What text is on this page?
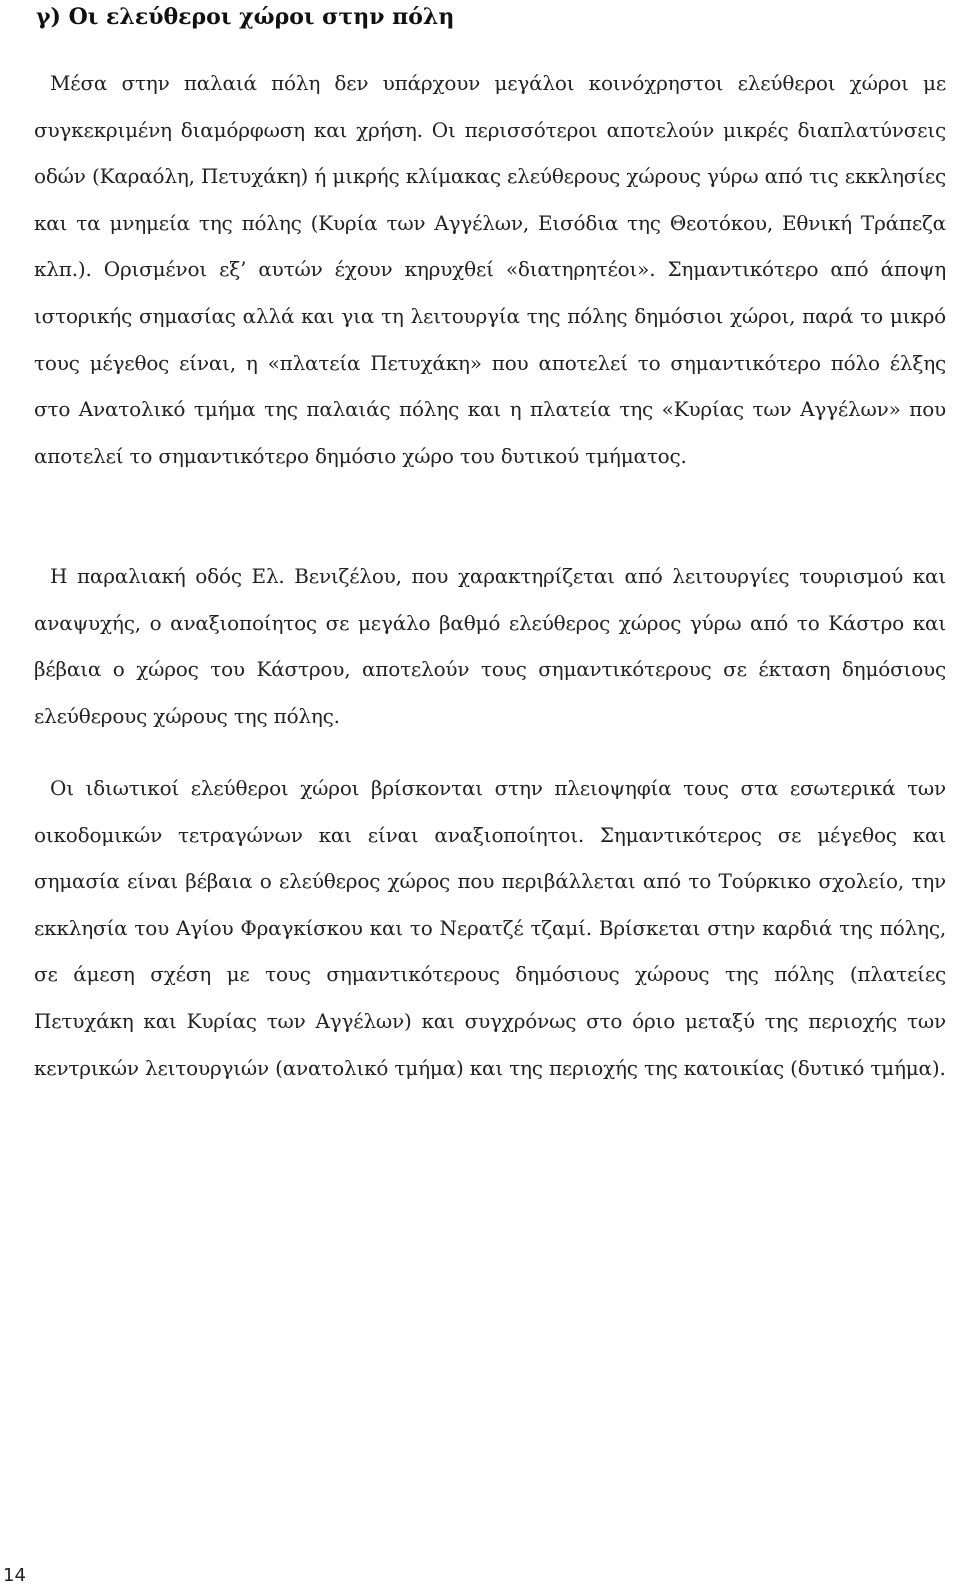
γ) Οι ελεύθεροι χώροι στην πόλη

Μέσα στην παλαιά πόλη δεν υπάρχουν μεγάλοι κοινόχρηστοι ελεύθεροι χώροι με συγκεκριμένη διαμόρφωση και χρήση. Οι περισσότεροι αποτελούν μικρές διαπλατύνσεις οδών (Καραόλη, Πετυχάκη) ή μικρής κλίμακας ελεύθερους χώρους γύρω από τις εκκλησίες και τα μνημεία της πόλης (Κυρία των Αγγέλων, Εισόδια της Θεοτόκου, Εθνική Τράπεζα κλπ.). Ορισμένοι εξ’ αυτών έχουν κηρυχθεί «διατηρητέοι». Σημαντικότερο από άποψη ιστορικής σημασίας αλλά και για τη λειτουργία της πόλης δημόσιοι χώροι, παρά το μικρό τους μέγεθος είναι, η «πλατεία Πετυχάκη» που αποτελεί το σημαντικότερο πόλο έλξης στο Ανατολικό τμήμα της παλαιάς πόλης και η πλατεία της «Κυρίας των Αγγέλων» που αποτελεί το σημαντικότερο δημόσιο χώρο του δυτικού τμήματος.

Η παραλιακή οδός Ελ. Βενιζέλου, που χαρακτηρίζεται από λειτουργίες τουρισμού και αναψυχής, ο αναξιοποίητος σε μεγάλο βαθμό ελεύθερος χώρος γύρω από το Κάστρο και βέβαια ο χώρος του Κάστρου, αποτελούν τους σημαντικότερους σε έκταση δημόσιους ελεύθερους χώρους της πόλης.

Οι ιδιωτικοί ελεύθεροι χώροι βρίσκονται στην πλειοψηφία τους στα εσωτερικά των οικοδομικών τετραγώνων και είναι αναξιοποίητοι. Σημαντικότερος σε μέγεθος και σημασία είναι βέβαια ο ελεύθερος χώρος που περιβάλλεται από το Τούρκικο σχολείο, την εκκλησία του Αγίου Φραγκίσκου και το Νερατζέ τζαμί. Βρίσκεται στην καρδιά της πόλης, σε άμεση σχέση με τους σημαντικότερους δημόσιους χώρους της πόλης (πλατείες Πετυχάκη και Κυρίας των Αγγέλων) και συγχρόνως στο όριο μεταξύ της περιοχής των κεντρικών λειτουργιών (ανατολικό τμήμα) και της περιοχής της κατοικίας (δυτικό τμήμα).

14
